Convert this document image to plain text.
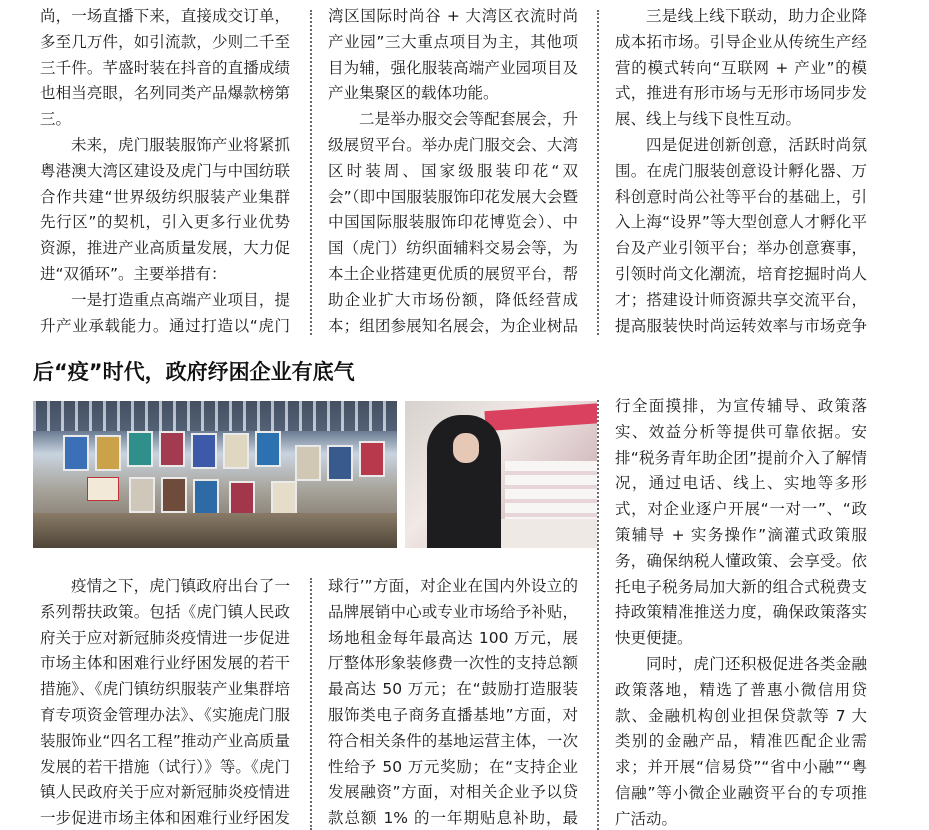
尚，一场直播下来，直接成交订单，多至几万件，如引流款，少则二千至三千件。芊盛时装在抖音的直播成绩也相当亮眼，名列同类产品爆款榜第三。

未来，虎门服装服饰产业将紧抓粤港澳大湾区建设及虎门与中国纺联合作共建“世界级纺织服装产业集群先行区”的契机，引入更多行业优势资源，推进产业高质量发展，大力促进“双循环”。主要举措有：

一是打造重点高端产业项目，提升产业承载能力。通过打造以“虎门

湾区国际时尚谷 + 大湾区衣流时尚产业园”三大重点项目为主，其他项目为辅，强化服装高端产业园项目及产业集聚区的载体功能。

二是举办服交会等配套展会，升级展贸平台。举办虎门服交会、大湾区时装周、国家级服装印花“双会”（即中国服装服饰印花发展大会暨中国国际服装服饰印花博览会）、中国（虎门）纺织面辅料交易会等，为本土企业搭建更优质的展贸平台，帮助企业扩大市场份额，降低经营成本；组团参展知名展会，为企业树品

三是线上线下联动，助力企业降成本拓市场。引导企业从传统生产经营的模式转向“互联网 + 产业”的模式，推进有形市场与无形市场同步发展、线上与线下良性互动。

四是促进创新创意，活跃时尚氛围。在虎门服装创意设计孵化器、万科创意时尚公社等平台的基础上，引入上海“设界”等大型创意人才孵化平台及产业引领平台；举办创意赛事，引领时尚文化潮流，培育挖掘时尚人才；搭建设计师资源共享交流平台，提高服装快时尚运转效率与市场竞争

后“疫”时代，政府纾困企业有底气

疫情之下，虎门镇政府出台了一系列帮扶政策。包括《虎门镇人民政府关于应对新冠肺炎疫情进一步促进市场主体和困难行业纾困发展的若干措施》、《虎门镇纺织服装产业集群培育专项资金管理办法》、《实施虎门服装服饰业“四名工程”推动产业高质量发展的若干措施（试行）》等。《虎门镇人民政府关于应对新冠肺炎疫情进一步促进市场主体和困难行业纾困发

球行’”方面，对企业在国内外设立的品牌展销中心或专业市场给予补贴，场地租金每年最高达 100 万元，展厅整体形象装修费一次性的支持总额最高达 50 万元；在“鼓励打造服装服饰类电子商务直播基地”方面，对符合相关条件的基地运营主体，一次性给予 50 万元奖励；在“支持企业发展融资”方面，对相关企业予以贷款总额 1% 的一年期贴息补助，最

行全面摸排，为宣传辅导、政策落实、效益分析等提供可靠依据。安排“税务青年助企团”提前介入了解情况，通过电话、线上、实地等多形式，对企业逐户开展“一对一”、“政策辅导 + 实务操作”滴灌式政策服务，确保纳税人懂政策、会享受。依托电子税务局加大新的组合式税费支持政策精准推送力度，确保政策落实快更便捷。

同时，虎门还积极促进各类金融政策落地，精选了普惠小微信用贷款、金融机构创业担保贷款等 7 大类别的金融产品，精准匹配企业需求；并开展“信易贷”“省中小融”“粤信融”等小微企业融资平台的专项推广活动。
